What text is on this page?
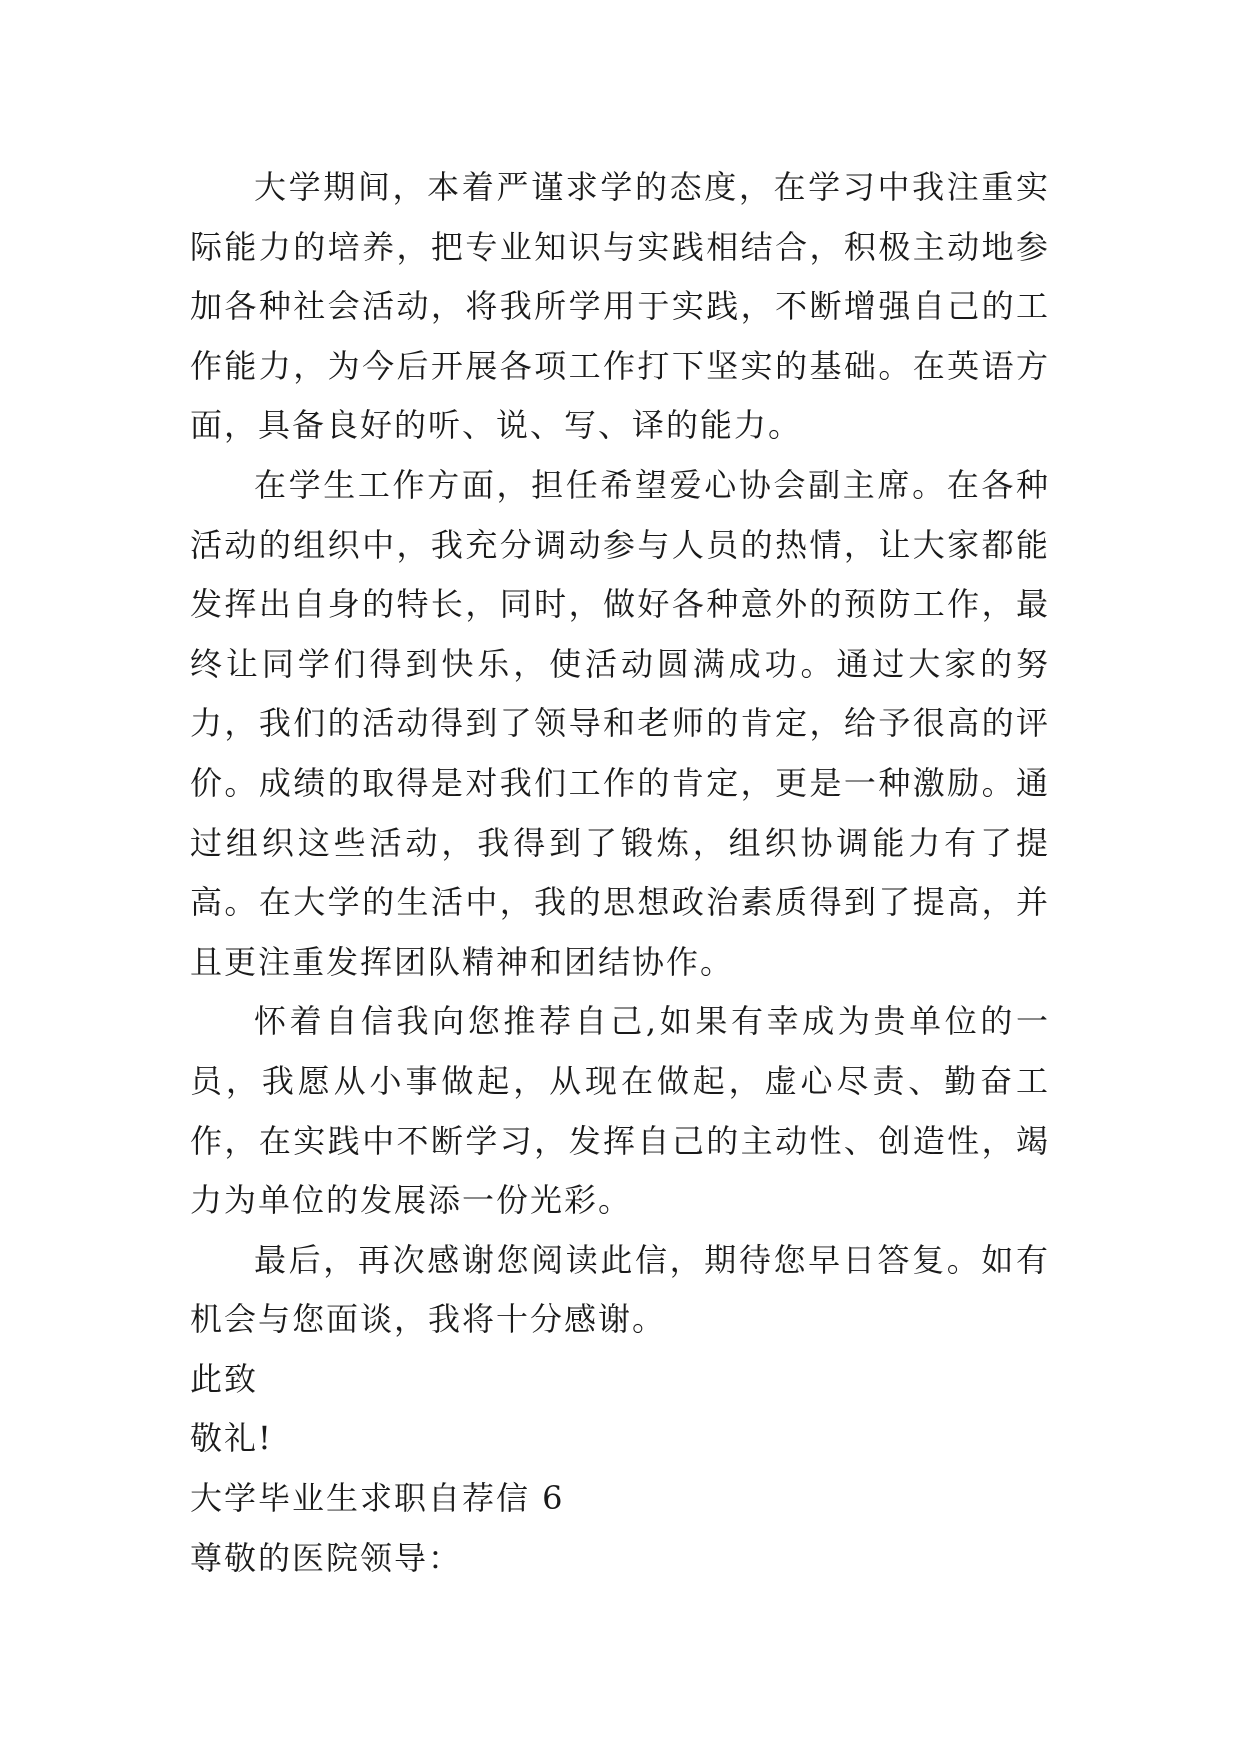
大学期间，本着严谨求学的态度，在学习中我注重实际能力的培养，把专业知识与实践相结合，积极主动地参加各种社会活动，将我所学用于实践，不断增强自己的工作能力，为今后开展各项工作打下坚实的基础。在英语方面，具备良好的听、说、写、译的能力。

在学生工作方面，担任希望爱心协会副主席。在各种活动的组织中，我充分调动参与人员的热情，让大家都能发挥出自身的特长，同时，做好各种意外的预防工作，最终让同学们得到快乐，使活动圆满成功。通过大家的努力，我们的活动得到了领导和老师的肯定，给予很高的评价。成绩的取得是对我们工作的肯定，更是一种激励。通过组织这些活动，我得到了锻炼，组织协调能力有了提高。在大学的生活中，我的思想政治素质得到了提高，并且更注重发挥团队精神和团结协作。

怀着自信我向您推荐自己,如果有幸成为贵单位的一员，我愿从小事做起，从现在做起，虚心尽责、勤奋工作，在实践中不断学习，发挥自己的主动性、创造性，竭力为单位的发展添一份光彩。

最后，再次感谢您阅读此信，期待您早日答复。如有机会与您面谈，我将十分感谢。

此致

敬礼!

大学毕业生求职自荐信 6

尊敬的医院领导：
